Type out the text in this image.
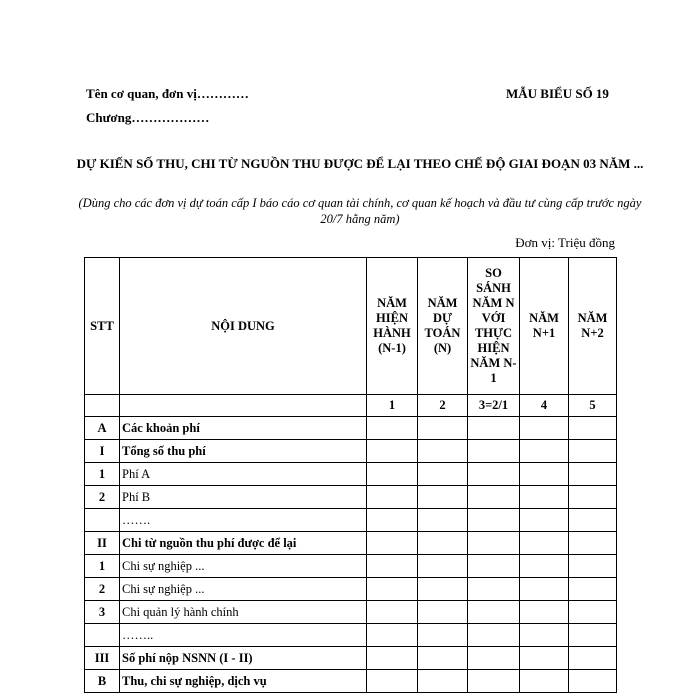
Tên cơ quan, đơn vị…………	MẪU BIỂU SỐ 19
Chương………………
DỰ KIẾN SỐ THU, CHI TỪ NGUỒN THU ĐƯỢC ĐỂ LẠI THEO CHẾ ĐỘ GIAI ĐOẠN 03 NĂM ...
(Dùng cho các đơn vị dự toán cấp I báo cáo cơ quan tài chính, cơ quan kế hoạch và đầu tư cùng cấp trước ngày 20/7 hằng năm)
Đơn vị: Triệu đồng
STT	NỘI DUNG	NĂM HIỆN HÀNH (N-1)	NĂM DỰ TOÁN (N)	SO SÁNH NĂM N VỚI THỰC HIỆN NĂM N-1	NĂM N+1	NĂM N+2
		1	2	3=2/1	4	5
A	Các khoản phí					
I	Tổng số thu phí					
1	Phí A					
2	Phí B					
	…….					
II	Chi từ nguồn thu phí được để lại					
1	Chi sự nghiệp ...					
2	Chi sự nghiệp ...					
3	Chi quản lý hành chính					
	……..					
III	Số phí nộp NSNN (I - II)					
B	Thu, chi sự nghiệp, dịch vụ					
